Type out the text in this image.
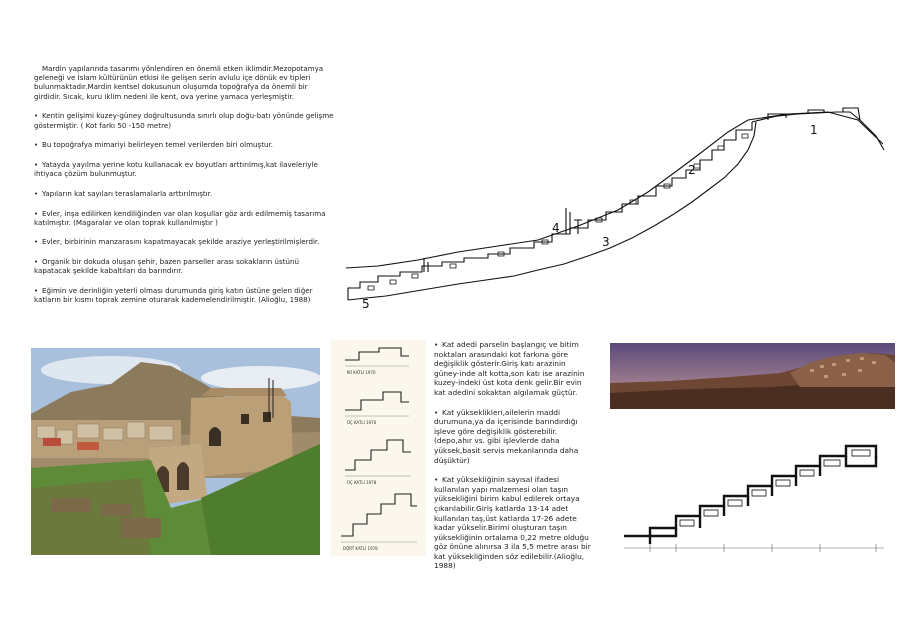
Mardin yapılarında tasarımı yönlendiren en önemli etken iklimdir.Mezopotamya geleneği ve İslam kültürünün etkisi ile gelişen serin avlulu içe dönük ev tipleri bulunmaktadır.Mardin kentsel dokusunun oluşumda topoğrafya da önemli bir girdidir. Sıcak, kuru iklim nedeni ile kent, ova yerine yamaca yerleşmiştir.

• Kentin gelişimi kuzey-güney doğrultusunda sınırlı olup doğu-batı yönünde gelişme göstermiştir. ( Kot farkı 50 -150 metre)

• Bu topoğrafya mimariyi belirleyen temel verilerden biri olmuştur.

• Yatayda yayılma yerine kotu kullanacak ev boyutları arttırılmış,kat ilaveleriyle ihtiyaca çözüm bulunmuştur.

• Yapıların kat sayıları teraslamalarla arttırılmıştır.

• Evler, inşa edilirken kendiliğinden var olan koşullar göz ardı edilmemiş tasarıma katılmıştır. (Magaralar ve olan toprak kullanılmıştır )

• Evler, birbirinin manzarasını kapatmayacak şekilde araziye yerleştirilmişlerdir.

• Organik bir dokuda oluşan şehir, bazen parseller arası sokakların üstünü kapatacak şekilde kabaltıları da barındırır.

• Eğimin ve derinliğin yeterli olması durumunda giriş katın üstüne gelen diğer katların bir kısmı toprak zemine oturarak kademelendirilmiştir. (Alioğlu, 1988)

1
2
3
4
5
İKİ KATLI 1970
ÜÇ KATLI 1970
ÜÇ KATLI 1978
DÖRT KATLI 1978

• Kat adedi parselin başlangıç ve bitim noktaları arasındaki kot farkına göre değişiklik gösterir.Giriş katı arazinin güney-inde alt kotta,son katı ise arazinin kuzey-indeki üst kota denk gelir.Bir evin kat adedini sokaktan algılamak güçtür.

• Kat yükseklikleri,ailelerin maddi durumuna,ya da içerisinde barındırdığı işleve göre değişiklik gösterebilir.(depo,ahır vs. gibi işlevlerde daha yüksek,basit servis mekanlarında daha düşüktür)

• Kat yüksekliğinin sayısal ifadesi kullanılan yapı malzemesi olan taşın yüksekliğini birim kabul edilerek ortaya çıkarılabilir.Giriş katlarda 13-14 adet kullanılan taş,üst katlarda 17-26 adete kadar yükselir.Birimi oluşturan taşın yüksekliğinin ortalama 0,22 metre olduğu göz önüne alınırsa 3 ila 5,5 metre arası bir kat yüksekliğinden söz edilebilir.(Alioğlu, 1988)
